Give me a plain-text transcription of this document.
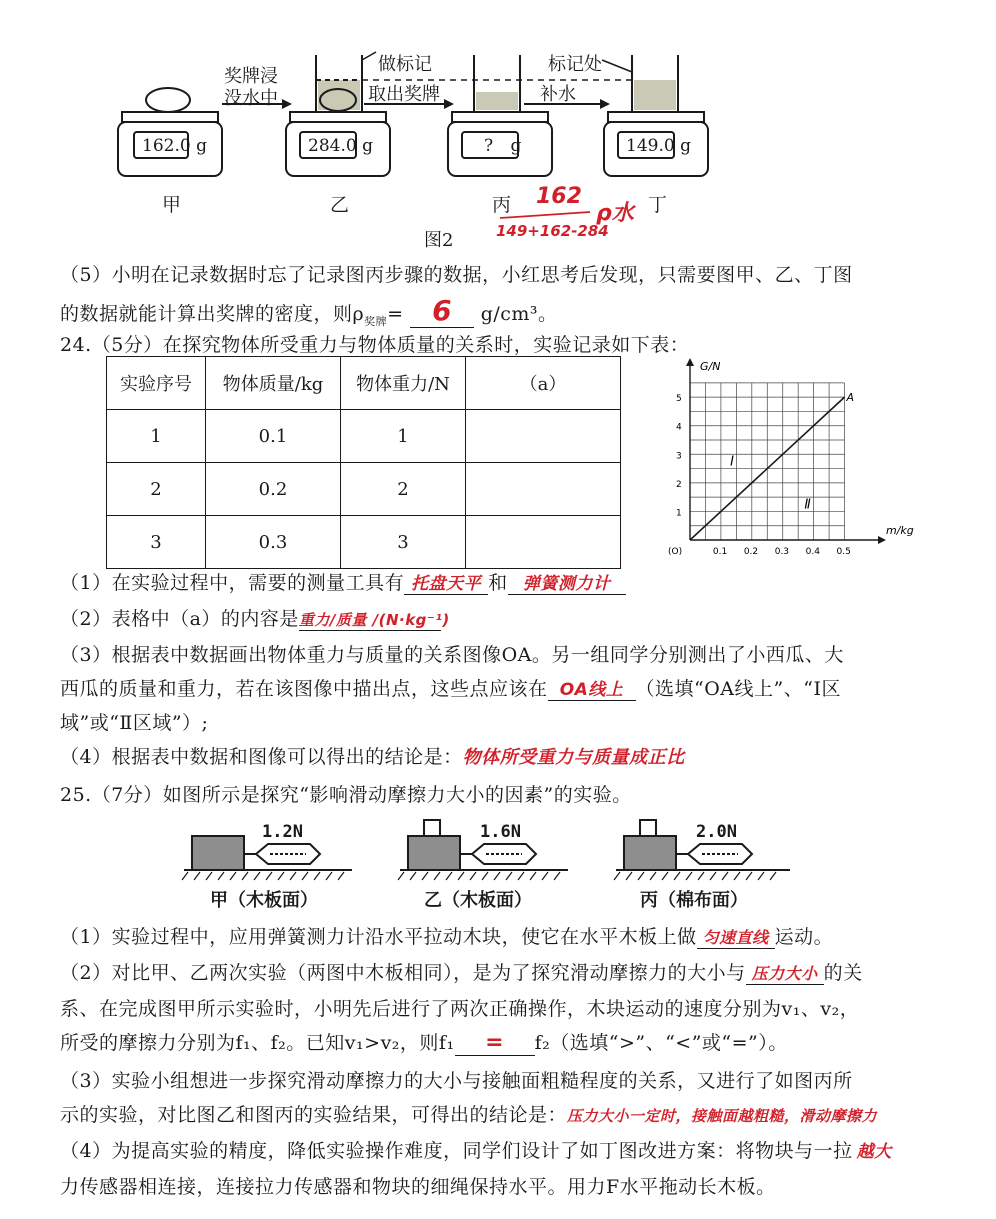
奖牌浸
没水中
做标记
取出奖牌
标记处
补水
162.0 g	284.0 g	? g	149.0 g
甲	乙	丙	丁
图2
162
ρ水
149+162-284
（5）小明在记录数据时忘了记录图丙步骤的数据，小红思考后发现，只需要图甲、乙、丁图
的数据就能计算出奖牌的密度，则$\rho_{奖牌}= 6$ g/cm³。
24.（5分）在探究物体所受重力与物体质量的关系时，实验记录如下表：
实验序号	物体质量/kg	物体重力/N	（a）
1	0.1	1	
2	0.2	2	
3	0.3	3	
G/N
m/kg
(O)	0.1 0.2 0.3 0.4 0.5
1
2
3
4
5	A
Ⅰ
Ⅱ
（1）在实验过程中，需要的测量工具有 托盘天平 和 弹簧测力计
（2）表格中（a）的内容是重力/质量 /(N·kg⁻¹)
（3）根据表中数据画出物体重力与质量的关系图像OA。另一组同学分别测出了小西瓜、大
西瓜的质量和重力，若在该图像中描出点，这些点应该在 OA线上 （选填“OA线上”、“Ⅰ区
域”或“Ⅱ区域”）;
（4）根据表中数据和图像可以得出的结论是：物体所受重力与质量成正比
25.（7分）如图所示是探究“影响滑动摩擦力大小的因素”的实验。
1.2N	1.6N	2.0N
甲（木板面）	乙（木板面）	丙（棉布面）
（1）实验过程中，应用弹簧测力计沿水平拉动木块，使它在水平木板上做 匀速直线 运动。
（2）对比甲、乙两次实验（两图中木板相同），是为了探究滑动摩擦力的大小与 压力大小 的关
系、在完成图甲所示实验时，小明先后进行了两次正确操作，木块运动的速度分别为v₁、v₂，
所受的摩擦力分别为f₁、f₂。已知v₁>v₂，则f₁ = f₂（选填“>”、“<”或“=”）。
（3）实验小组想进一步探究滑动摩擦力的大小与接触面粗糙程度的关系，又进行了如图丙所
示的实验，对比图乙和图丙的实验结果，可得出的结论是：压力大小一定时，接触面越粗糙，滑动摩擦力
（4）为提高实验的精度，降低实验操作难度，同学们设计了如丁图改进方案：将物块与一拉 越大
力传感器相连接，连接拉力传感器和物块的细绳保持水平。用力F水平拖动长木板。
